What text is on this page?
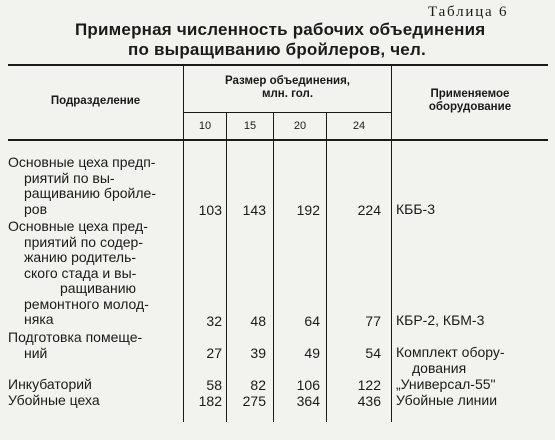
Таблица 6
Примерная численность рабочих объединения
по выращиванию бройлеров, чел.
Подразделение
Размер объединения,
млн. гол.	Применяемое
оборудование
10	15	20	24
Основные цеха предп-
риятий по вы-
ращиванию бройле-
ров	103	143	192	224 КББ-3
Основные цеха пред-
приятий по содер-
жанию родитель-
ского стада и вы-
ращиванию
ремонтного молод-
няка	32	48	64	77 КБР-2, КБМ-3
Подготовка помеще-
ний	27	39	49	54 Комплект обору-
дования
Инкубаторий	58	82	106	122 „Универсал-55"
Убойные цеха	182	275	364	436 Убойные линии
